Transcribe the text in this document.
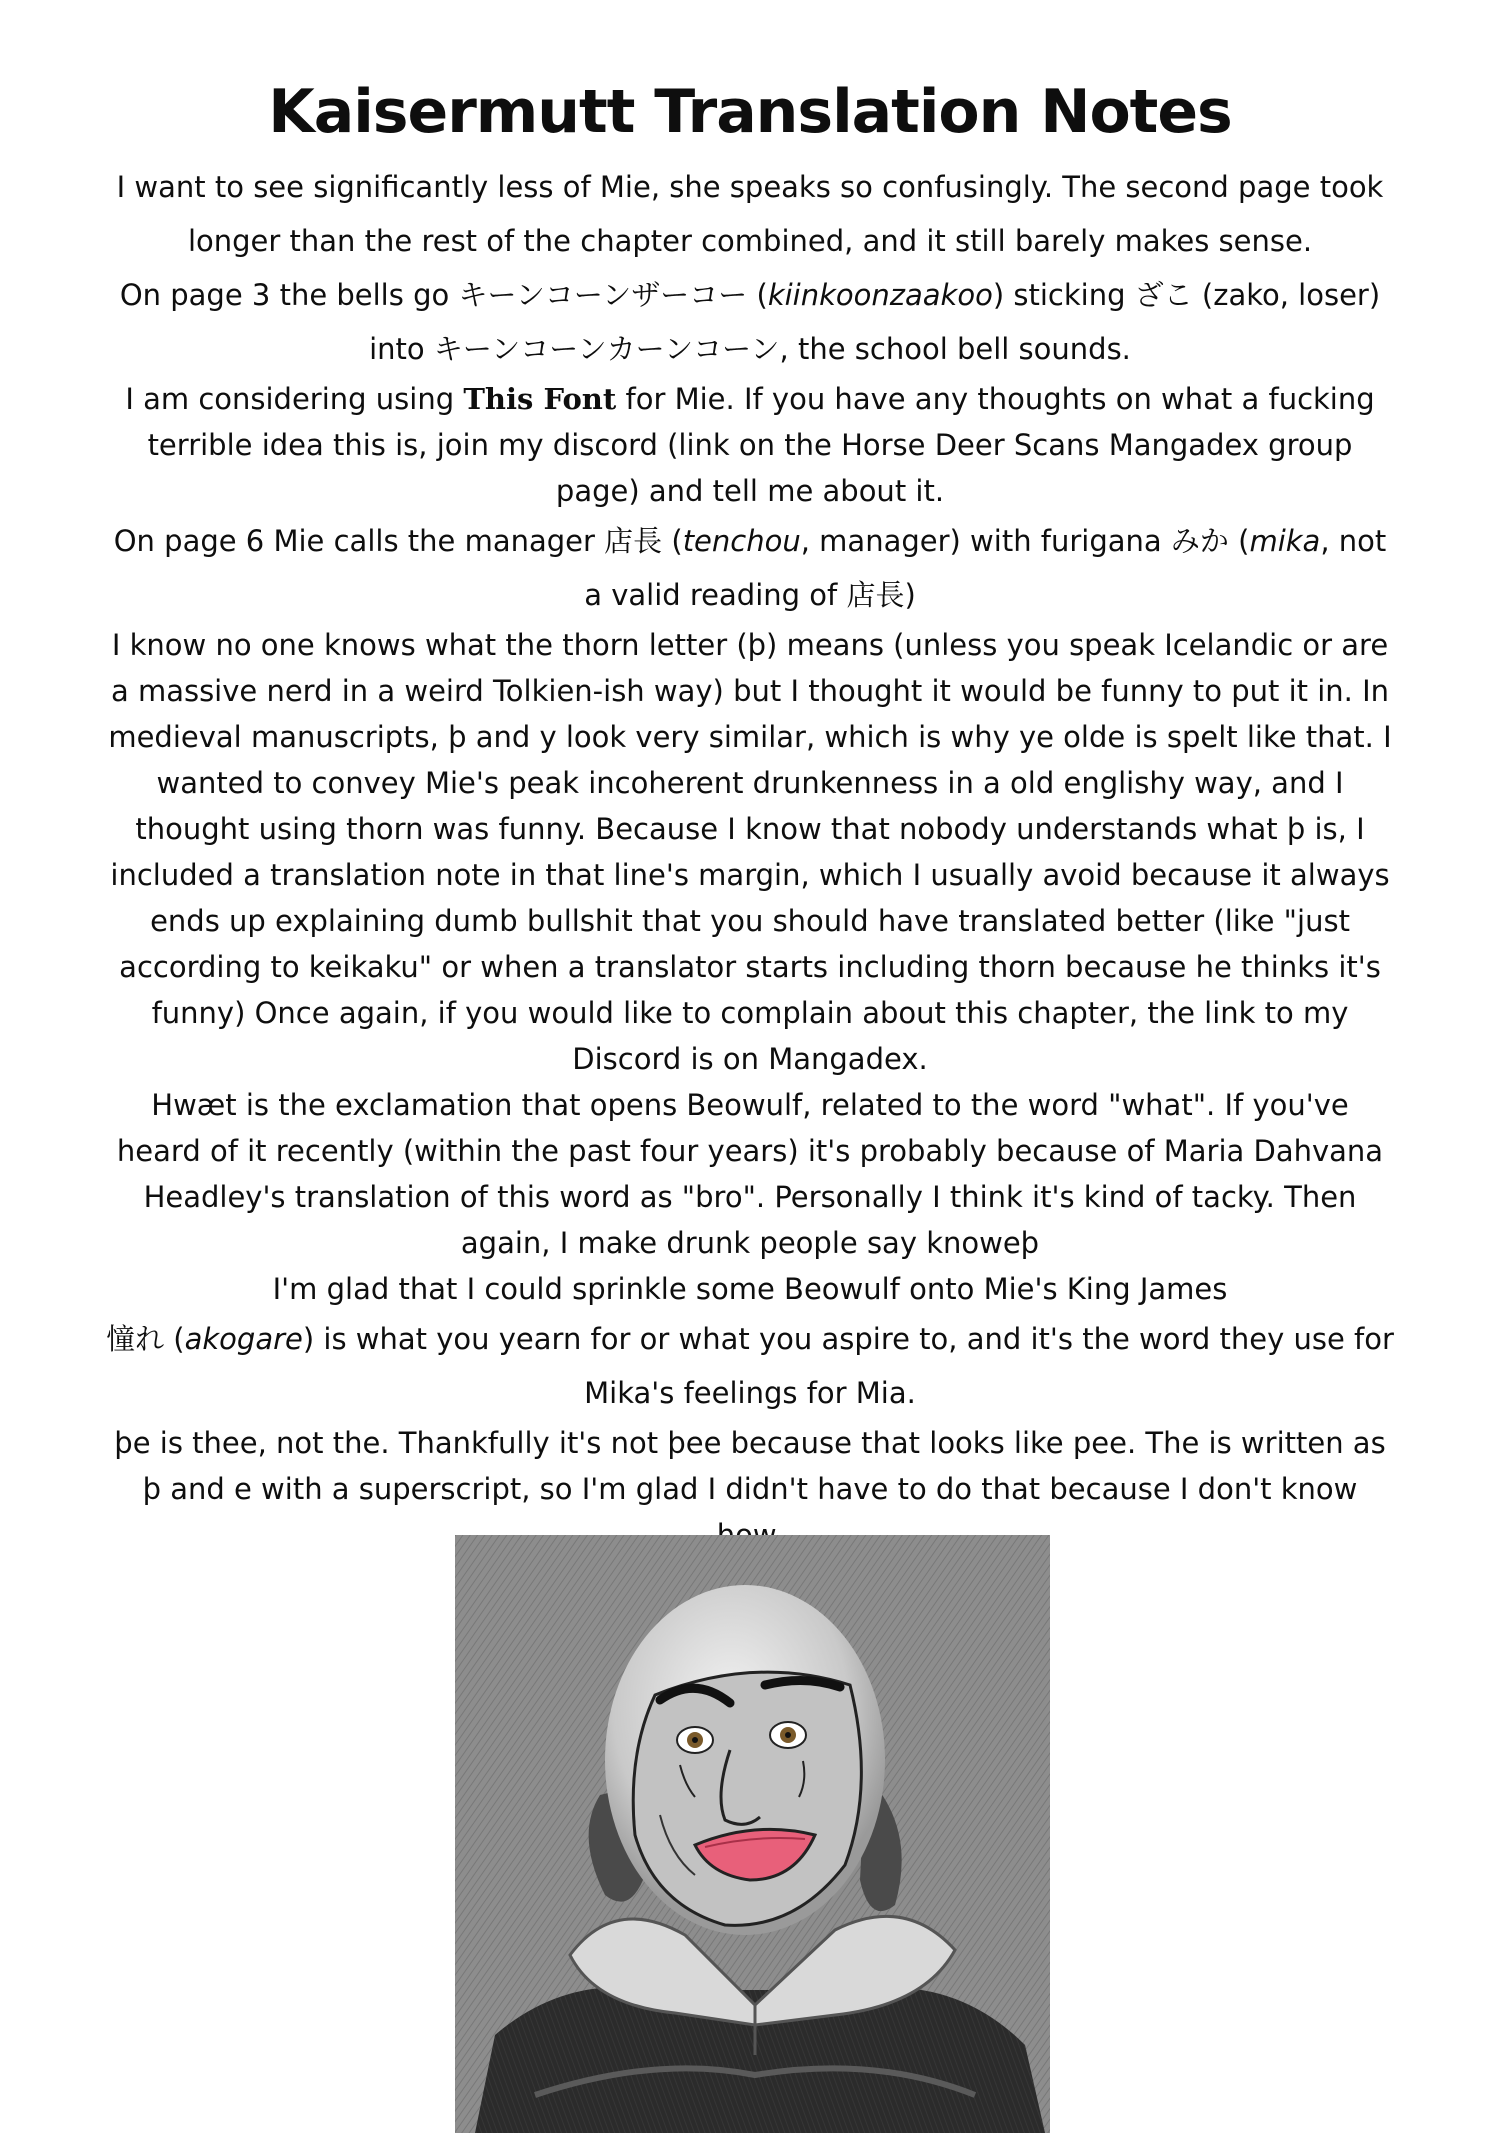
Kaisermutt Translation Notes

I want to see significantly less of Mie, she speaks so confusingly. The second page took longer than the rest of the chapter combined, and it still barely makes sense.
On page 3 the bells go キーンコーンザーコー (kiinkoonzaakoo) sticking ざこ (zako, loser) into キーンコーンカーンコーン, the school bell sounds.

I am considering using This Font for Mie. If you have any thoughts on what a fucking terrible idea this is, join my discord (link on the Horse Deer Scans Mangadex group page) and tell me about it.

On page 6 Mie calls the manager 店長 (tenchou, manager) with furigana みか (mika, not a valid reading of 店長)

I know no one knows what the thorn letter (þ) means (unless you speak Icelandic or are a massive nerd in a weird Tolkien-ish way) but I thought it would be funny to put it in. In medieval manuscripts, þ and y look very similar, which is why ye olde is spelt like that. I wanted to convey Mie's peak incoherent drunkenness in a old englishy way, and I thought using thorn was funny. Because I know that nobody understands what þ is, I included a translation note in that line's margin, which I usually avoid because it always ends up explaining dumb bullshit that you should have translated better (like "just according to keikaku" or when a translator starts including thorn because he thinks it's funny) Once again, if you would like to complain about this chapter, the link to my Discord is on Mangadex.

Hwæt is the exclamation that opens Beowulf, related to the word "what". If you've heard of it recently (within the past four years) it's probably because of Maria Dahvana Headley's translation of this word as "bro". Personally I think it's kind of tacky. Then again, I make drunk people say knoweþ

I'm glad that I could sprinkle some Beowulf onto Mie's King James

憧れ (akogare) is what you yearn for or what you aspire to, and it's the word they use for Mika's feelings for Mia.

þe is thee, not the. Thankfully it's not þee because that looks like pee. The is written as þ and e with a superscript, so I'm glad I didn't have to do that because I don't know
